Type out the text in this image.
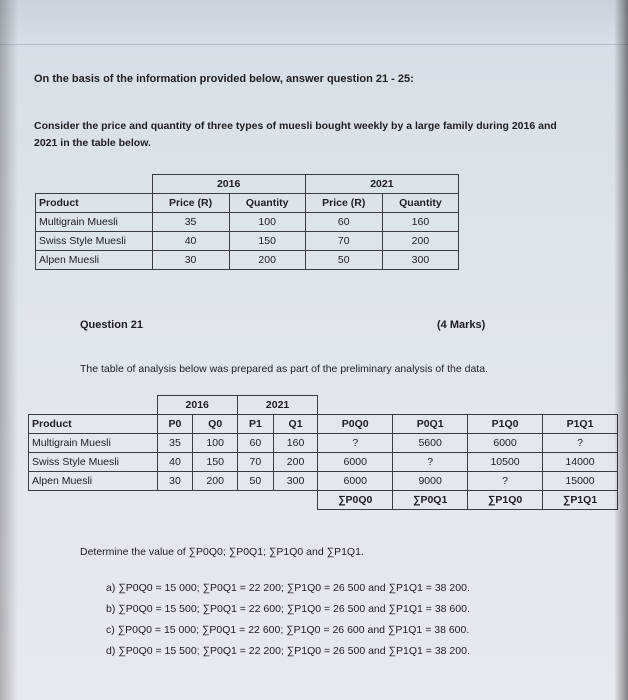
On the basis of the information provided below, answer question 21 - 25:
Consider the price and quantity of three types of muesli bought weekly by a large family during 2016 and
2021 in the table below.
	2016		2021	
Product	Price (R)	Quantity	Price (R)	Quantity
Multigrain Muesli	35	100	60	160
Swiss Style Muesli	40	150	70	200
Alpen Muesli	30	200	50	300
Question 21	(4 Marks)
The table of analysis below was prepared as part of the preliminary analysis of the data.
	2016		2021					
Product	P0	Q0	P1	Q1	P0Q0	P0Q1	P1Q0	P1Q1
Multigrain Muesli	35	100	60	160	?	5600	6000	?
Swiss Style Muesli	40	150	70	200	6000	?	10500	14000
Alpen Muesli	30	200	50	300	6000	9000	?	15000
					∑P0Q0	∑P0Q1	∑P1Q0	∑P1Q1
Determine the value of ∑P0Q0; ∑P0Q1; ∑P1Q0 and ∑P1Q1.
a) ∑P0Q0 = 15 000; ∑P0Q1 = 22 200; ∑P1Q0 = 26 500 and ∑P1Q1 = 38 200.
b) ∑P0Q0 = 15 500; ∑P0Q1 = 22 600; ∑P1Q0 = 26 500 and ∑P1Q1 = 38 600.
c) ∑P0Q0 = 15 000; ∑P0Q1 = 22 600; ∑P1Q0 = 26 600 and ∑P1Q1 = 38 600.
d) ∑P0Q0 = 15 500; ∑P0Q1 = 22 200; ∑P1Q0 = 26 500 and ∑P1Q1 = 38 200.
